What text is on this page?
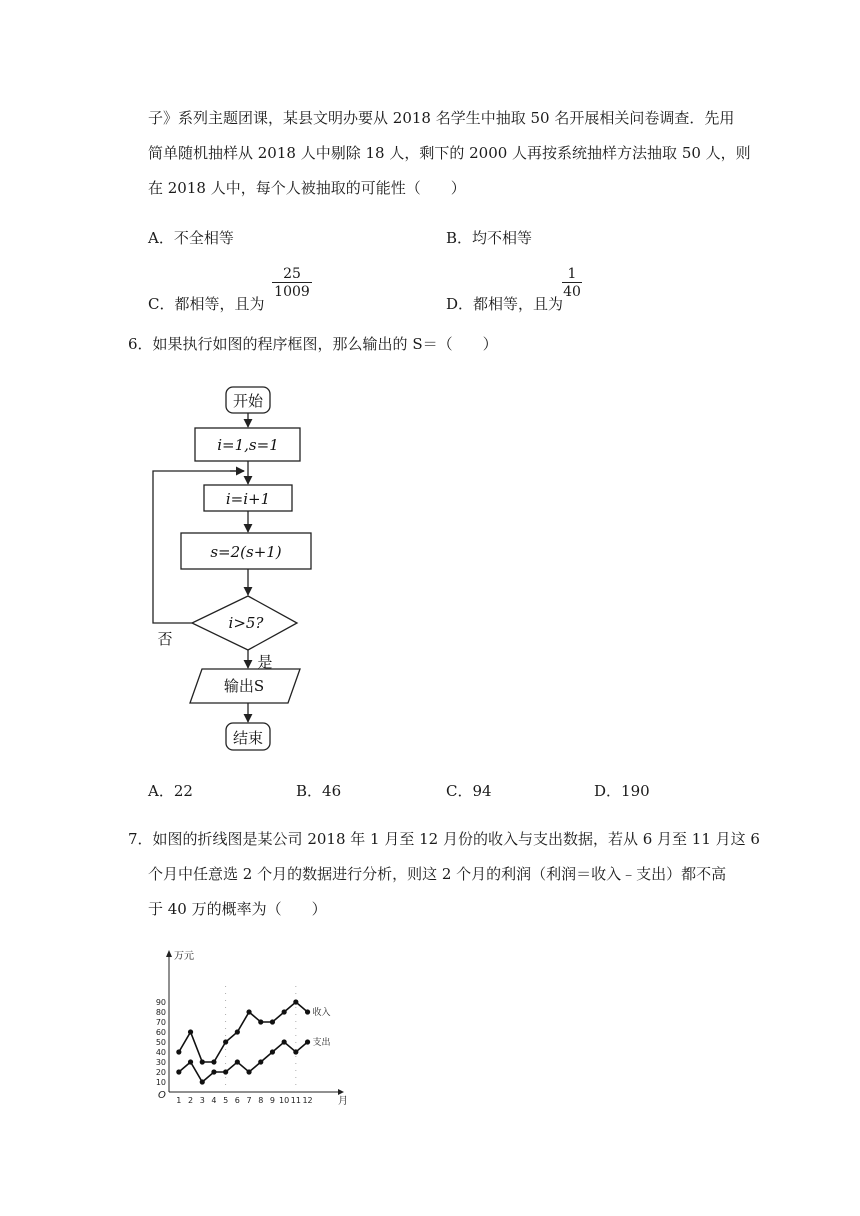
子》系列主题团课，某县文明办要从 2018 名学生中抽取 50 名开展相关问卷调查．先用
简单随机抽样从 2018 人中剔除 18 人，剩下的 2000 人再按系统抽样方法抽取 50 人，则
在 2018 人中，每个人被抽取的可能性（　　）
A．不全相等	B．均不相等
C．都相等，且为
$\frac{25}{1009}$
D．都相等，且为
$\frac{1}{40}$
6．如果执行如图的程序框图，那么输出的 S＝（　　）
开始
i=1,s=1
i=i+1
s=2(s+1)
i>5?
否
是
输出S
结束
A．22	B．46	C．94	D．190
7．如图的折线图是某公司 2018 年 1 月至 12 月份的收入与支出数据，若从 6 月至 11 月这 6
个月中任意选 2 个月的数据进行分析，则这 2 个月的利润（利润＝收入﹣支出）都不高
于 40 万的概率为（　　）
万元
月
O
10
20
30
40
50
60
70
80
90
1 2 3 4 5 6 7 8 9 10 11 12
收入
支出
